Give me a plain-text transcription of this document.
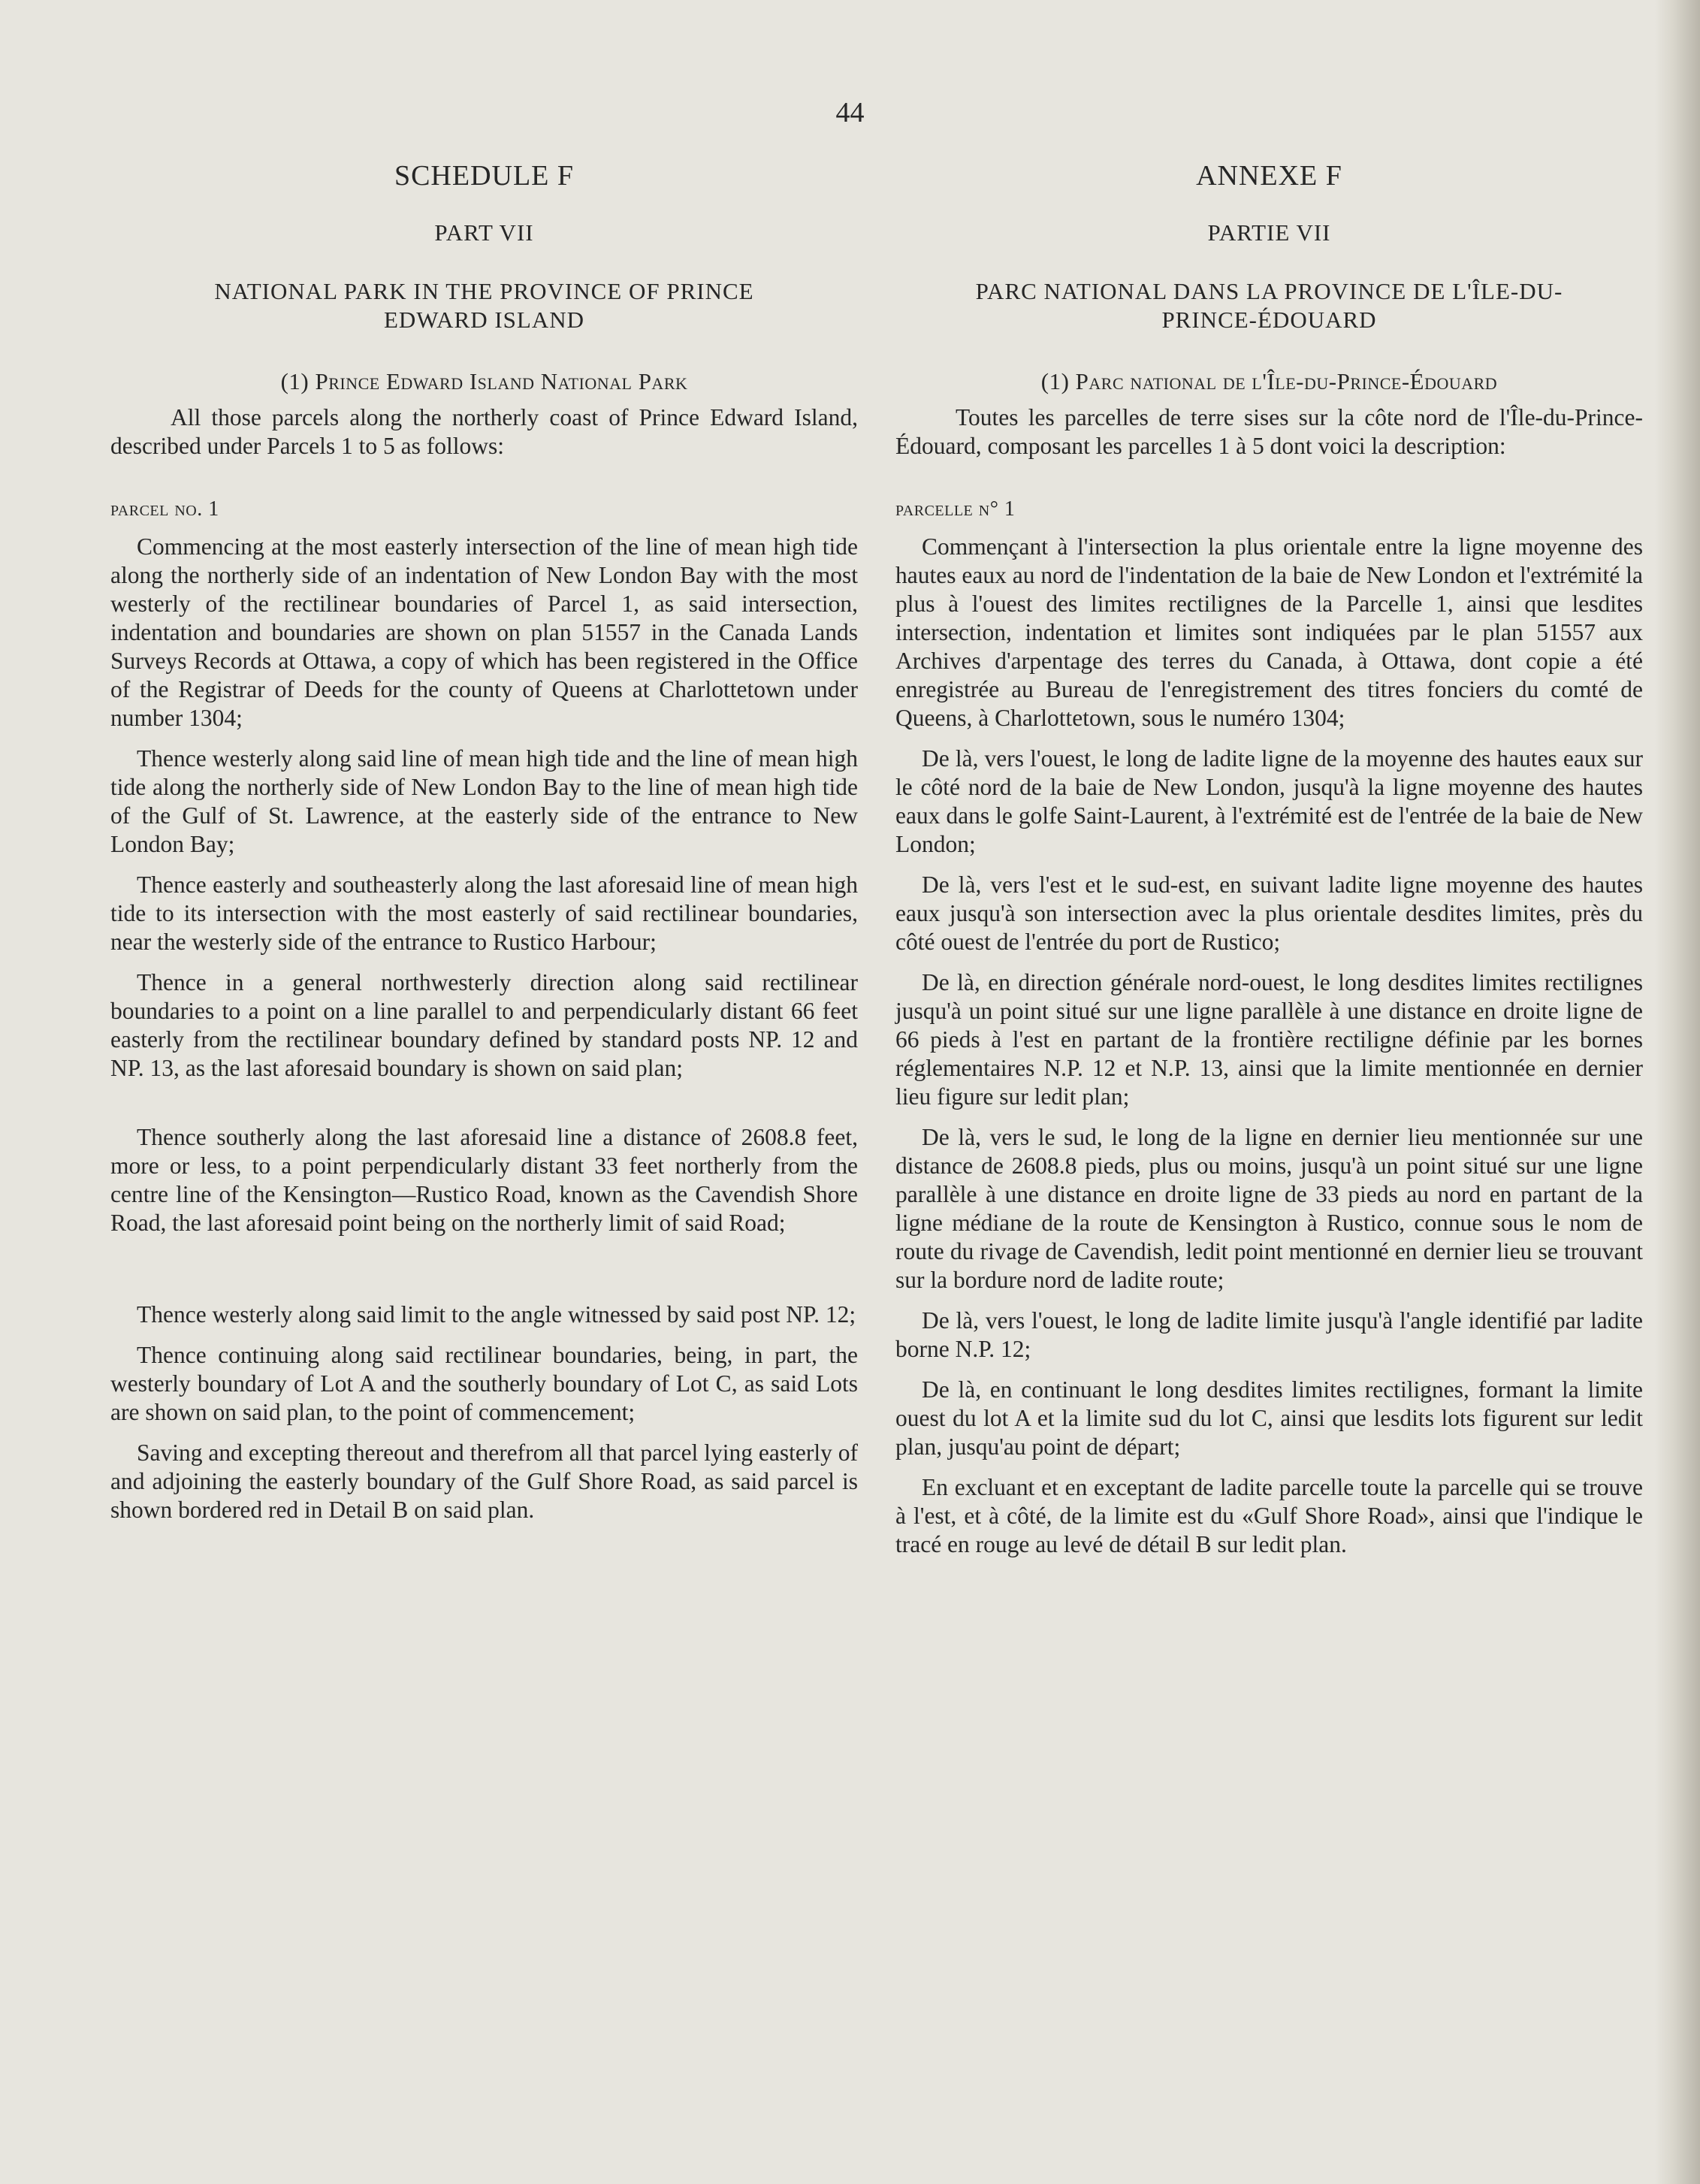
44
SCHEDULE F
PART VII
NATIONAL PARK IN THE PROVINCE OF PRINCE EDWARD ISLAND
(1) Prince Edward Island National Park
All those parcels along the northerly coast of Prince Edward Island, described under Parcels 1 to 5 as follows:
parcel no. 1

Commencing at the most easterly intersection of the line of mean high tide along the northerly side of an indentation of New London Bay with the most westerly of the rectilinear boundaries of Parcel 1, as said intersection, indentation and boundaries are shown on plan 51557 in the Canada Lands Surveys Records at Ottawa, a copy of which has been registered in the Office of the Registrar of Deeds for the county of Queens at Charlottetown under number 1304;

Thence westerly along said line of mean high tide and the line of mean high tide along the northerly side of New London Bay to the line of mean high tide of the Gulf of St. Lawrence, at the easterly side of the entrance to New London Bay;

Thence easterly and southeasterly along the last aforesaid line of mean high tide to its intersection with the most easterly of said rectilinear boundaries, near the westerly side of the entrance to Rustico Harbour;

Thence in a general northwesterly direction along said rectilinear boundaries to a point on a line parallel to and perpendicularly distant 66 feet easterly from the rectilinear boundary defined by standard posts NP. 12 and NP. 13, as the last aforesaid boundary is shown on said plan;

Thence southerly along the last aforesaid line a distance of 2608.8 feet, more or less, to a point perpendicularly distant 33 feet northerly from the centre line of the Kensington—Rustico Road, known as the Cavendish Shore Road, the last aforesaid point being on the northerly limit of said Road;

Thence westerly along said limit to the angle witnessed by said post NP. 12;

Thence continuing along said rectilinear boundaries, being, in part, the westerly boundary of Lot A and the southerly boundary of Lot C, as said Lots are shown on said plan, to the point of commencement;

Saving and excepting thereout and therefrom all that parcel lying easterly of and adjoining the easterly boundary of the Gulf Shore Road, as said parcel is shown bordered red in Detail B on said plan.

ANNEXE F
PARTIE VII
PARC NATIONAL DANS LA PROVINCE DE L'ÎLE-DU-PRINCE-ÉDOUARD
(1) Parc national de l'Île-du-Prince-Édouard
Toutes les parcelles de terre sises sur la côte nord de l'Île-du-Prince-Édouard, composant les parcelles 1 à 5 dont voici la description:
parcelle n° 1

Commençant à l'intersection la plus orientale entre la ligne moyenne des hautes eaux au nord de l'indentation de la baie de New London et l'extrémité la plus à l'ouest des limites rectilignes de la Parcelle 1, ainsi que lesdites intersection, indentation et limites sont indiquées par le plan 51557 aux Archives d'arpentage des terres du Canada, à Ottawa, dont copie a été enregistrée au Bureau de l'enregistrement des titres fonciers du comté de Queens, à Charlottetown, sous le numéro 1304;

De là, vers l'ouest, le long de ladite ligne de la moyenne des hautes eaux sur le côté nord de la baie de New London, jusqu'à la ligne moyenne des hautes eaux dans le golfe Saint-Laurent, à l'extrémité est de l'entrée de la baie de New London;

De là, vers l'est et le sud-est, en suivant ladite ligne moyenne des hautes eaux jusqu'à son intersection avec la plus orientale desdites limites, près du côté ouest de l'entrée du port de Rustico;

De là, en direction générale nord-ouest, le long desdites limites rectilignes jusqu'à un point situé sur une ligne parallèle à une distance en droite ligne de 66 pieds à l'est en partant de la frontière rectiligne définie par les bornes réglementaires N.P. 12 et N.P. 13, ainsi que la limite mentionnée en dernier lieu figure sur ledit plan;

De là, vers le sud, le long de la ligne en dernier lieu mentionnée sur une distance de 2608.8 pieds, plus ou moins, jusqu'à un point situé sur une ligne parallèle à une distance en droite ligne de 33 pieds au nord en partant de la ligne médiane de la route de Kensington à Rustico, connue sous le nom de route du rivage de Cavendish, ledit point mentionné en dernier lieu se trouvant sur la bordure nord de ladite route;

De là, vers l'ouest, le long de ladite limite jusqu'à l'angle identifié par ladite borne N.P. 12;

De là, en continuant le long desdites limites rectilignes, formant la limite ouest du lot A et la limite sud du lot C, ainsi que lesdits lots figurent sur ledit plan, jusqu'au point de départ;

En excluant et en exceptant de ladite parcelle toute la parcelle qui se trouve à l'est, et à côté, de la limite est du «Gulf Shore Road», ainsi que l'indique le tracé en rouge au levé de détail B sur ledit plan.
